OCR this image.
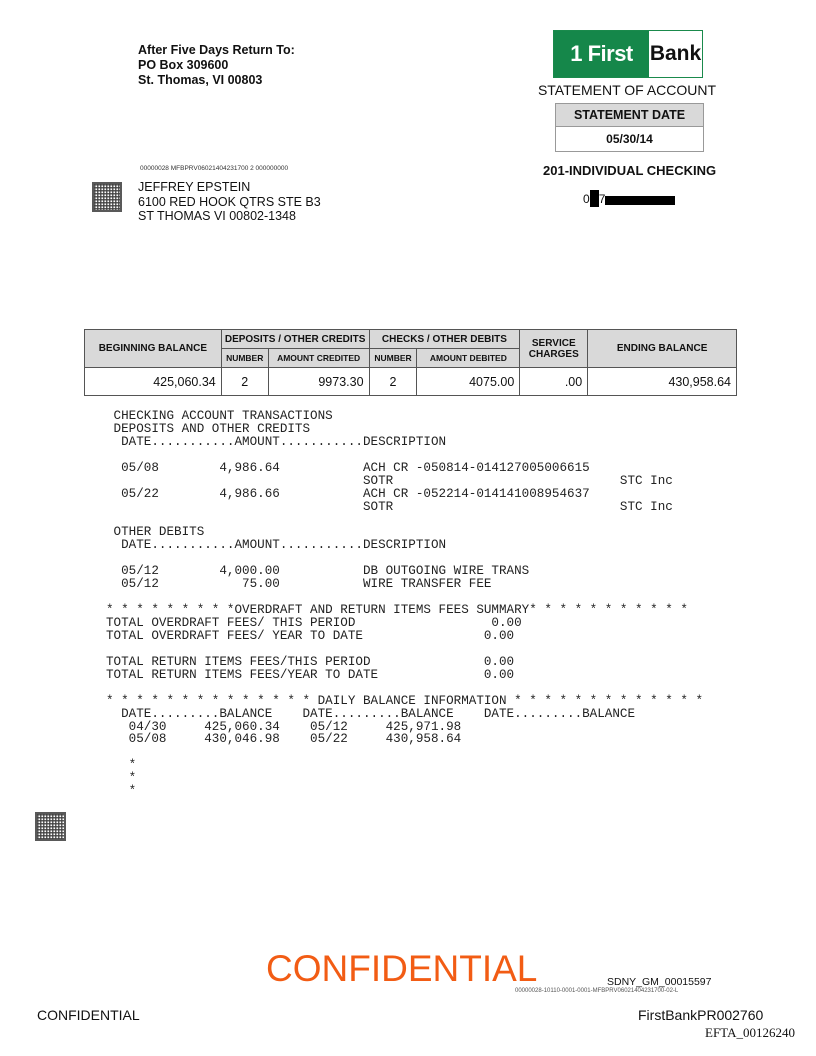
After Five Days Return To:
PO Box 309600
St. Thomas, VI 00803
1 First Bank
STATEMENT OF ACCOUNT
STATEMENT DATE
05/30/14
201-INDIVIDUAL CHECKING
0 7
00000028 MFBPRV06021404231700 2 000000000
JEFFREY EPSTEIN
6100 RED HOOK QTRS STE B3
ST THOMAS VI 00802-1348
BEGINNING BALANCE	DEPOSITS / OTHER CREDITS		CHECKS / OTHER DEBITS		SERVICE CHARGES	ENDING BALANCE
	NUMBER	AMOUNT CREDITED	NUMBER	AMOUNT DEBITED		
425,060.34	2	9973.30	2	4075.00	.00	430,958.64
CHECKING ACCOUNT TRANSACTIONS
DEPOSITS AND OTHER CREDITS
DATE...........AMOUNT...........DESCRIPTION
05/08        4,986.64           ACH CR -050814-014127005006615
SOTR                              STC Inc
05/22        4,986.66           ACH CR -052214-014141008954637
SOTR                              STC Inc
OTHER DEBITS
DATE...........AMOUNT...........DESCRIPTION
05/12        4,000.00           DB OUTGOING WIRE TRANS
05/12           75.00           WIRE TRANSFER FEE
* * * * * * * * *OVERDRAFT AND RETURN ITEMS FEES SUMMARY* * * * * * * * * * *
TOTAL OVERDRAFT FEES/ THIS PERIOD                  0.00
TOTAL OVERDRAFT FEES/ YEAR TO DATE                0.00
TOTAL RETURN ITEMS FEES/THIS PERIOD               0.00
TOTAL RETURN ITEMS FEES/YEAR TO DATE              0.00
* * * * * * * * * * * * * * DAILY BALANCE INFORMATION * * * * * * * * * * * * *
DATE.........BALANCE    DATE.........BALANCE    DATE.........BALANCE
04/30     425,060.34    05/12     425,971.98
05/08     430,046.98    05/22     430,958.64
*
*
*
CONFIDENTIAL	SDNY_GM_00015597
00000028-10110-0001-0001-MFBPRV06021404231700-02-L
CONFIDENTIAL	FirstBankPR002760
EFTA_00126240
